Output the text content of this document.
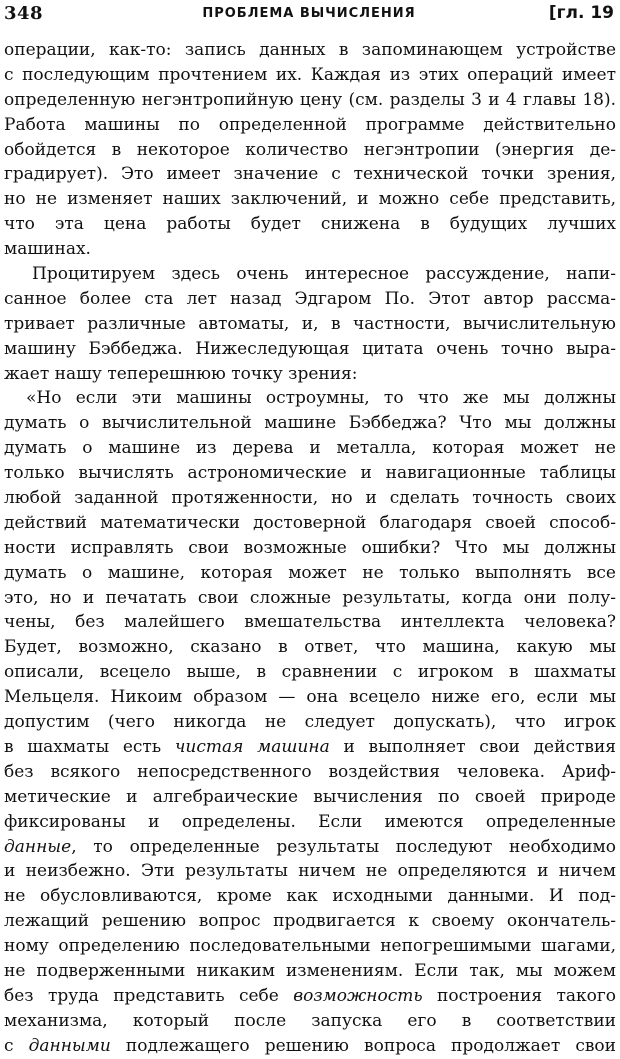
348	ПРОБЛЕМА ВЫЧИСЛЕНИЯ	[гл. 19
операции, как-то: запись данных в запоминающем устройстве
с последующим прочтением их. Каждая из этих операций имеет
определенную негэнтропийную цену (см. разделы 3 и 4 главы 18).
Работа машины по определенной программе действительно
обойдется в некоторое количество негэнтропии (энергия де-
градирует). Это имеет значение с технической точки зрения,
но не изменяет наших заключений, и можно себе представить,
что эта цена работы будет снижена в будущих лучших
машинах.
Процитируем здесь очень интересное рассуждение, напи-
санное более ста лет назад Эдгаром По. Этот автор рассма-
тривает различные автоматы, и, в частности, вычислительную
машину Бэббеджа. Нижеследующая цитата очень точно выра-
жает нашу теперешнюю точку зрения:
«Но если эти машины остроумны, то что же мы должны
думать о вычислительной машине Бэббеджа? Что мы должны
думать о машине из дерева и металла, которая может не
только вычислять астрономические и навигационные таблицы
любой заданной протяженности, но и сделать точность своих
действий математически достоверной благодаря своей способ-
ности исправлять свои возможные ошибки? Что мы должны
думать о машине, которая может не только выполнять все
это, но и печатать свои сложные результаты, когда они полу-
чены, без малейшего вмешательства интеллекта человека?
Будет, возможно, сказано в ответ, что машина, какую мы
описали, всецело выше, в сравнении с игроком в шахматы
Мельцеля. Никоим образом — она всецело ниже его, если мы
допустим (чего никогда не следует допускать), что игрок
в шахматы есть чистая машина и выполняет свои действия
без всякого непосредственного воздействия человека. Ариф-
метические и алгебраические вычисления по своей природе
фиксированы и определены. Если имеются определенные
данные, то определенные результаты последуют необходимо
и неизбежно. Эти результаты ничем не определяются и ничем
не обусловливаются, кроме как исходными данными. И под-
лежащий решению вопрос продвигается к своему окончатель-
ному определению последовательными непогрешимыми шагами,
не подверженными никаким изменениям. Если так, мы можем
без труда представить себе возможность построения такого
механизма, который после запуска его в соответствии
с данными подлежащего решению вопроса продолжает свои
